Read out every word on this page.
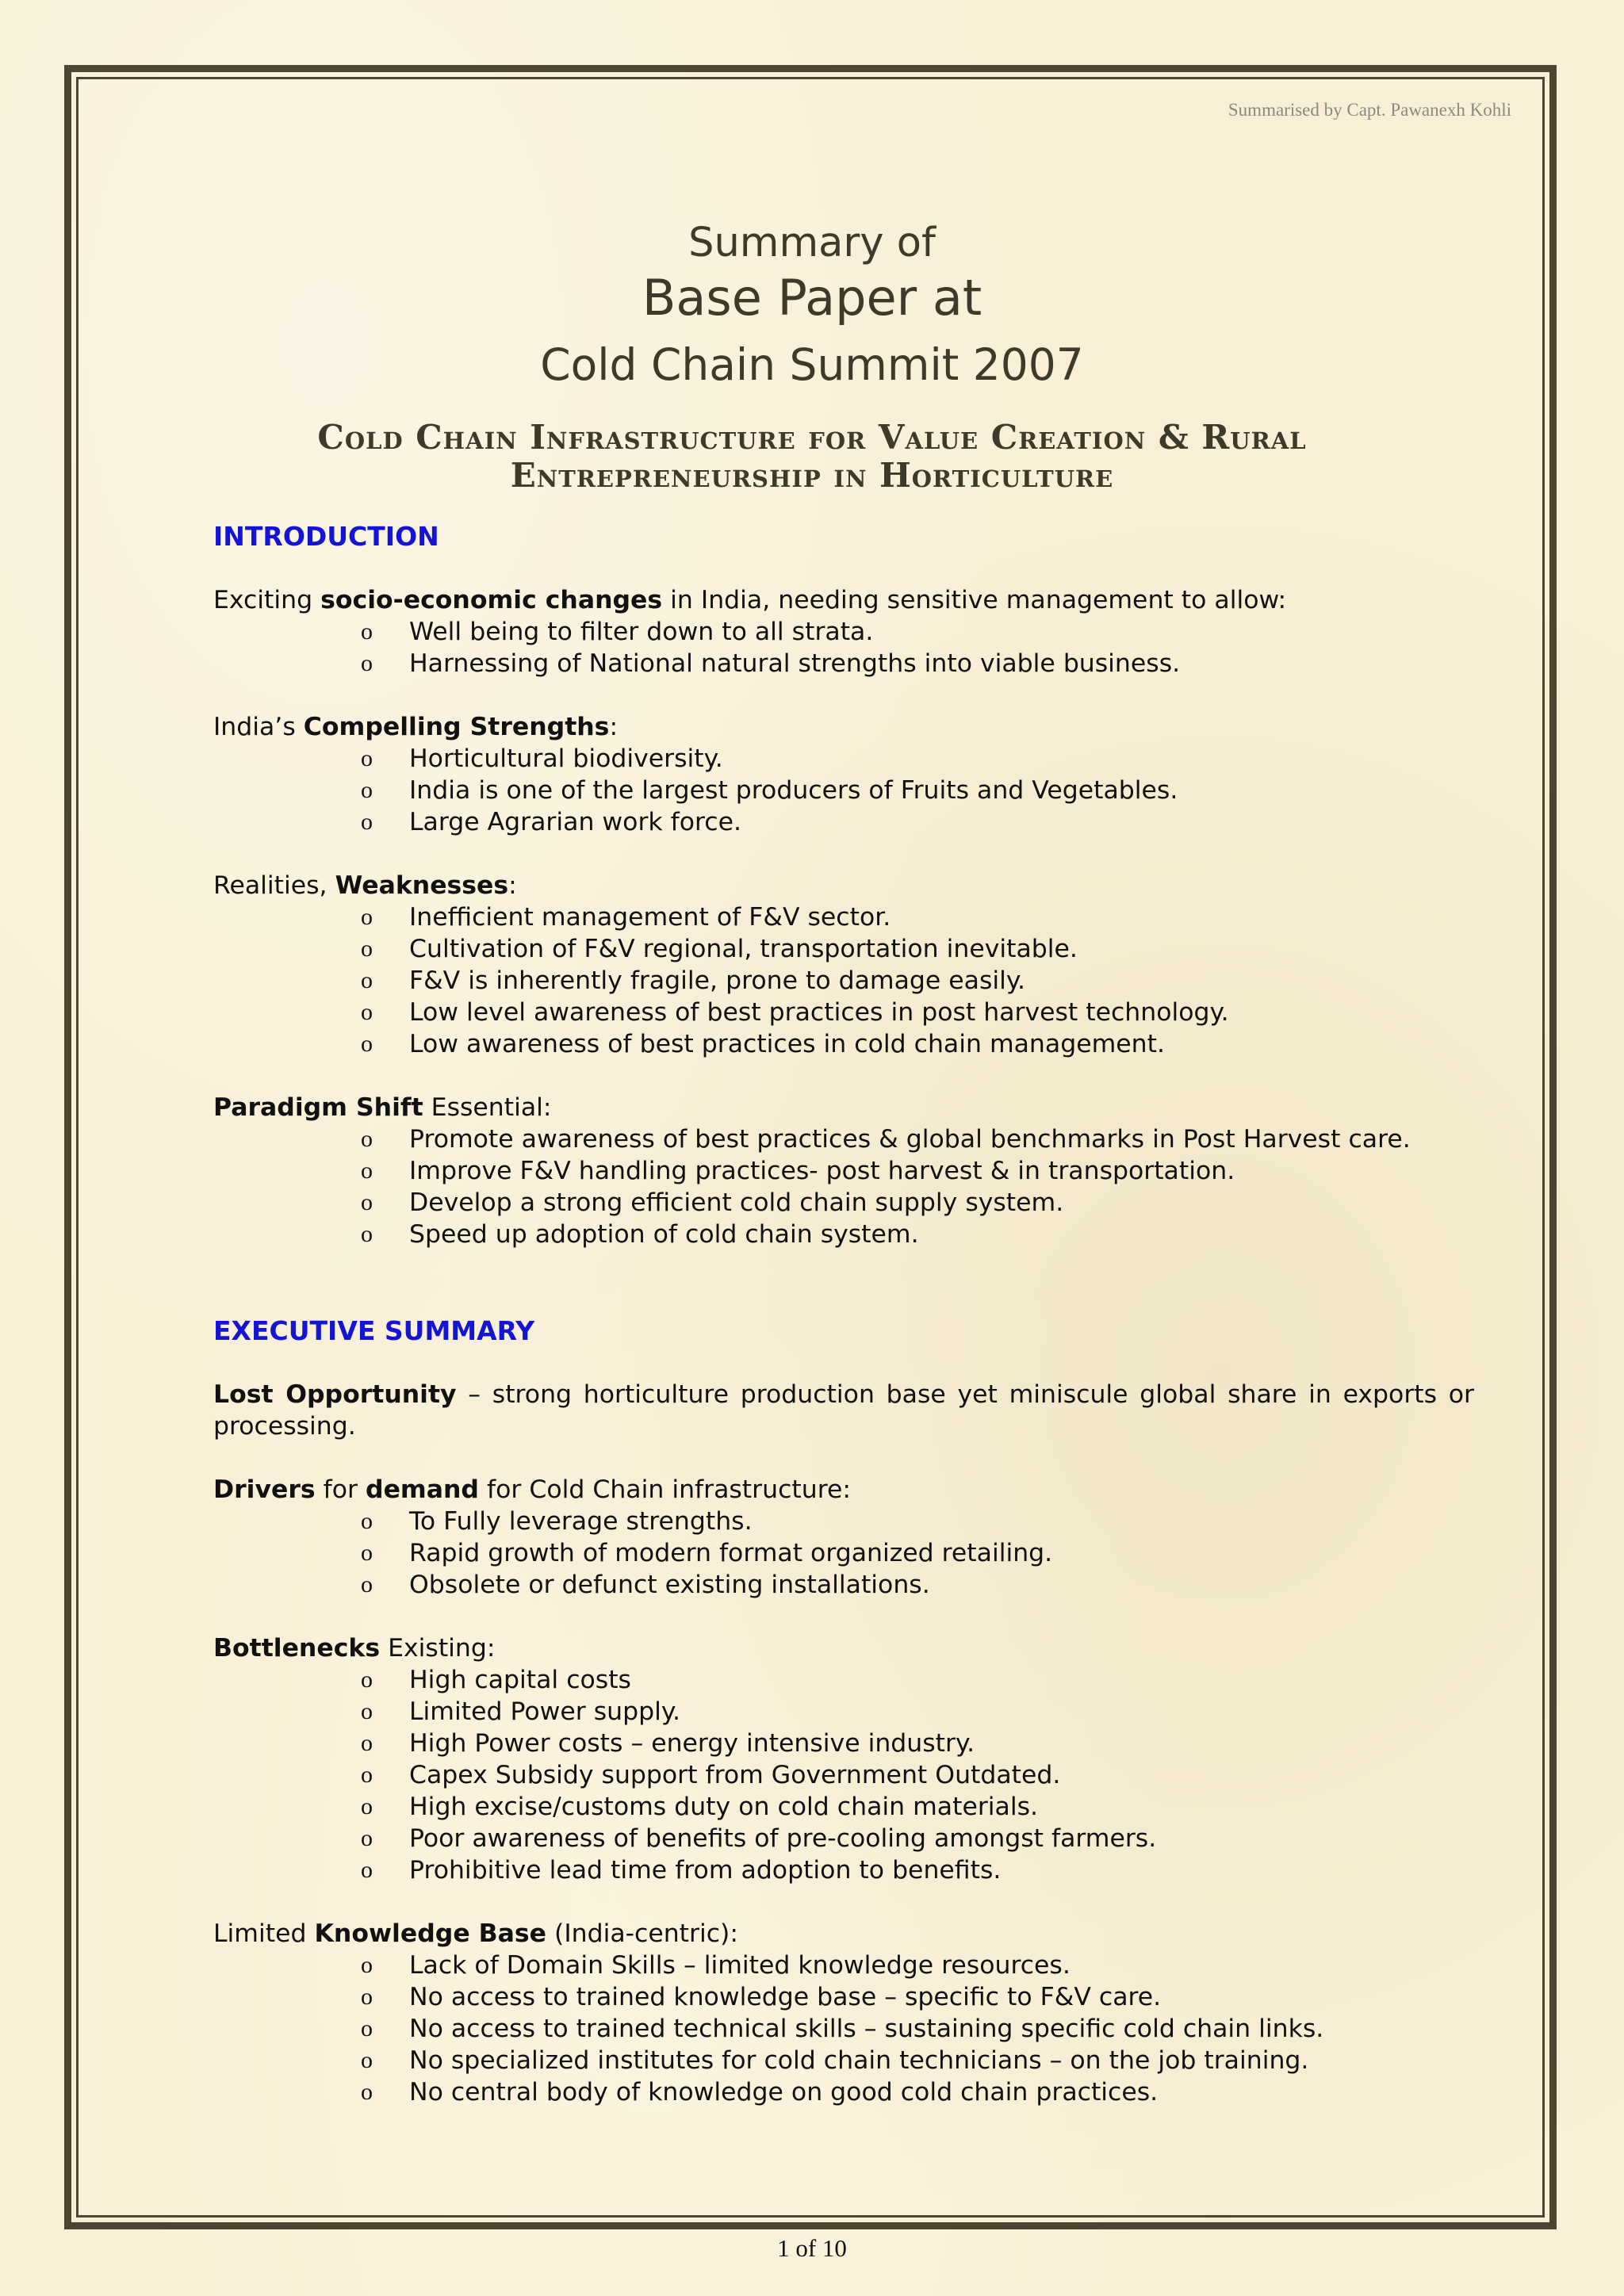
Summarised by Capt. Pawanexh Kohli
Summary of
Base Paper at
Cold Chain Summit 2007
Cold Chain Infrastructure for Value Creation & Rural
Entrepreneurship in Horticulture
INTRODUCTION

Exciting socio-economic changes in India, needing sensitive management to allow:

o Well being to filter down to all strata.
o Harnessing of National natural strengths into viable business.

India’s Compelling Strengths:

o Horticultural biodiversity.
o India is one of the largest producers of Fruits and Vegetables.
o Large Agrarian work force.

Realities, Weaknesses:

o Inefficient management of F&V sector.
o Cultivation of F&V regional, transportation inevitable.
o F&V is inherently fragile, prone to damage easily.
o Low level awareness of best practices in post harvest technology.
o Low awareness of best practices in cold chain management.

Paradigm Shift Essential:

o Promote awareness of best practices & global benchmarks in Post Harvest care.
o Improve F&V handling practices- post harvest & in transportation.
o Develop a strong efficient cold chain supply system.
o Speed up adoption of cold chain system.
EXECUTIVE SUMMARY

Lost Opportunity – strong horticulture production base yet miniscule global share in exports or processing.

Drivers for demand for Cold Chain infrastructure:

o To Fully leverage strengths.
o Rapid growth of modern format organized retailing.
o Obsolete or defunct existing installations.

Bottlenecks Existing:

o High capital costs
o Limited Power supply.
o High Power costs – energy intensive industry.
o Capex Subsidy support from Government Outdated.
o High excise/customs duty on cold chain materials.
o Poor awareness of benefits of pre-cooling amongst farmers.
o Prohibitive lead time from adoption to benefits.

Limited Knowledge Base (India-centric):

o Lack of Domain Skills – limited knowledge resources.
o No access to trained knowledge base – specific to F&V care.
o No access to trained technical skills – sustaining specific cold chain links.
o No specialized institutes for cold chain technicians – on the job training.
o No central body of knowledge on good cold chain practices.
1 of 10
